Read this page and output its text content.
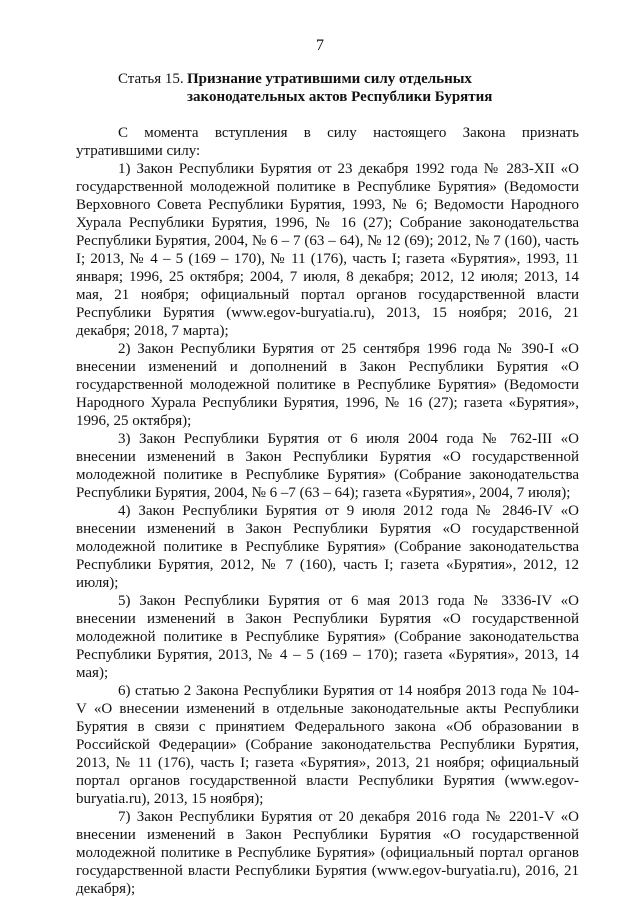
7
Статья 15. Признание утратившими силу отдельных законодательных актов Республики Бурятия

С момента вступления в силу настоящего Закона признать утратившими силу:

1) Закон Республики Бурятия от 23 декабря 1992 года № 283-XII «О государственной молодежной политике в Республике Бурятия» (Ведомости Верховного Совета Республики Бурятия, 1993, № 6; Ведомости Народного Хурала Республики Бурятия, 1996, № 16 (27); Собрание законодательства Республики Бурятия, 2004, № 6 – 7 (63 – 64), № 12 (69); 2012, № 7 (160), часть I; 2013, № 4 – 5 (169 – 170), № 11 (176), часть I; газета «Бурятия», 1993, 11 января; 1996, 25 октября; 2004, 7 июля, 8 декабря; 2012, 12 июля; 2013, 14 мая, 21 ноября; официальный портал органов государственной власти Республики Бурятия (www.egov-buryatia.ru), 2013, 15 ноября; 2016, 21 декабря; 2018, 7 марта);

2) Закон Республики Бурятия от 25 сентября 1996 года № 390-I «О внесении изменений и дополнений в Закон Республики Бурятия «О государственной молодежной политике в Республике Бурятия» (Ведомости Народного Хурала Республики Бурятия, 1996, № 16 (27); газета «Бурятия», 1996, 25 октября);

3) Закон Республики Бурятия от 6 июля 2004 года № 762-III «О внесении изменений в Закон Республики Бурятия «О государственной молодежной политике в Республике Бурятия» (Собрание законодательства Республики Бурятия, 2004, № 6 –7 (63 – 64); газета «Бурятия», 2004, 7 июля);

4) Закон Республики Бурятия от 9 июля 2012 года № 2846-IV «О внесении изменений в Закон Республики Бурятия «О государственной молодежной политике в Республике Бурятия» (Собрание законодательства Республики Бурятия, 2012, № 7 (160), часть I; газета «Бурятия», 2012, 12 июля);

5) Закон Республики Бурятия от 6 мая 2013 года № 3336-IV «О внесении изменений в Закон Республики Бурятия «О государственной молодежной политике в Республике Бурятия» (Собрание законодательства Республики Бурятия, 2013, № 4 – 5 (169 – 170); газета «Бурятия», 2013, 14 мая);

6) статью 2 Закона Республики Бурятия от 14 ноября 2013 года № 104-V «О внесении изменений в отдельные законодательные акты Республики Бурятия в связи с принятием Федерального закона «Об образовании в Российской Федерации» (Собрание законодательства Республики Бурятия, 2013, № 11 (176), часть I; газета «Бурятия», 2013, 21 ноября; официальный портал органов государственной власти Республики Бурятия (www.egov-buryatia.ru), 2013, 15 ноября);

7) Закон Республики Бурятия от 20 декабря 2016 года № 2201-V «О внесении изменений в Закон Республики Бурятия «О государственной молодежной политике в Республике Бурятия» (официальный портал органов государственной власти Республики Бурятия (www.egov-buryatia.ru), 2016, 21 декабря);
